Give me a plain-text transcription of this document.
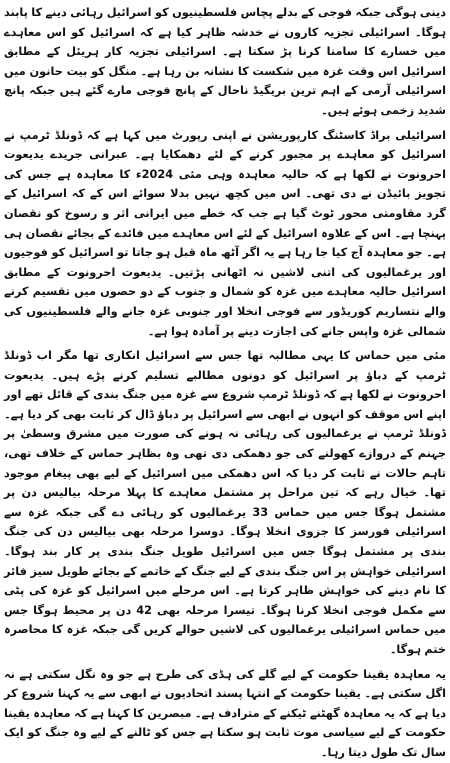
دینی ہوگی جبکہ فوجی کے بدلے پچاس فلسطینیوں کو اسرائیل رہائی دینے کا پابند ہوگا۔ اسرائیلی تجزیہ کاروں نے خدشہ ظاہر کیا ہے کہ اسرائیل کو اس معاہدے میں خسارے کا سامنا کرنا پڑ سکتا ہے۔ اسرائیلی تجزیہ کار ہریئل کے مطابق اسرائیل اس وقت غزہ میں شکست کا نشانہ بن رہا ہے۔ منگل کو بیت حانون میں اسرائیلی آرمی کے اہم ترین بریگیڈ ناحال کے پانچ فوجی مارے گئے ہیں جبکہ پانچ شدید زخمی ہوئے ہیں۔

اسرائیلی براڈ کاسٹنگ کارپوریشن نے اپنی رپورٹ میں کہا ہے کہ ڈونلڈ ٹرمپ نے اسرائیل کو معاہدے پر مجبور کرنے کے لئے دھمکایا ہے۔ عبرانی جریدے یدیعوت احرونوت نے لکھا ہے کہ حالیہ معاہدہ وہی مئی 2024ء کا معاہدہ ہے جس کی تجویز بائیڈن نے دی تھی۔ اس میں کچھ نہیں بدلا سوائے اس کے کہ اسرائیل کے گرد مقاومتی محور ٹوٹ گیا ہے جب کہ خطے میں ایرانی اثر و رسوخ کو نقصان پہنچا ہے۔ اس کے علاوہ اسرائیل کے لئے اس معاہدے میں فائدے کے بجائے نقصان ہی ہے۔ جو معاہدہ آج کیا جا رہا ہے یہ اگر آٹھ ماہ قبل ہو جاتا تو اسرائیل کو فوجیوں اور یرغمالیوں کی اتنی لاشیں نہ اٹھانی پڑتیں۔ یدیعوت احرونوت کے مطابق اسرائیل حالیہ معاہدے میں غزہ کو شمال و جنوب کے دو حصوں میں تقسیم کرنے والے نتساریم کوریڈور سے فوجی انخلا اور جنوبی غزہ جانے والے فلسطینیوں کی شمالی غزہ واپس جانے کی اجازت دینے پر آمادہ ہوا ہے۔

مئی میں حماس کا یہی مطالبہ تھا جس سے اسرائیل انکاری تھا مگر اب ڈونلڈ ٹرمپ کے دباؤ پر اسرائیل کو دونوں مطالبے تسلیم کرنے پڑے ہیں۔ یدیعوت احرونوت نے لکھا ہے کہ ڈونلڈ ٹرمپ شروع سے غزہ میں جنگ بندی کے قائل تھے اور اپنے اس موقف کو انہوں نے ابھی سے اسرائیل پر دباؤ ڈال کر ثابت بھی کر دیا ہے۔ ڈونلڈ ٹرمپ نے یرغمالیوں کی رہائی نہ ہونے کی صورت میں مشرق وسطیٰ پر جہنم کے دروازے کھولنے کی جو دھمکی دی تھی وہ بظاہر حماس کے خلاف تھی، تاہم حالات نے ثابت کر دیا کہ اس دھمکی میں اسرائیل کے لیے بھی پیغام موجود تھا۔ خیال رہے کہ تین مراحل پر مشتمل معاہدے کا پہلا مرحلہ بیالیس دن پر مشتمل ہوگا جس میں حماس 33 یرغمالیوں کو رہائی دے گی جبکہ غزہ سے اسرائیلی فورسز کا جزوی انخلا ہوگا۔ دوسرا مرحلہ بھی بیالیس دن کی جنگ بندی پر مشتمل ہوگا جس میں اسرائیل طویل جنگ بندی پر کار بند ہوگا۔ اسرائیلی خواہش پر اس جنگ بندی کے لیے جنگ کے خاتمے کے بجائے طویل سیز فائر کا نام دینے کی خواہش ظاہر کرتا ہے۔ اس مرحلے میں اسرائیل کو غزہ کی پٹی سے مکمل فوجی انخلا کرنا ہوگا۔ تیسرا مرحلہ بھی 42 دن پر محیط ہوگا جس میں حماس اسرائیلی یرغمالیوں کی لاشیں حوالے کریں گی جبکہ غزہ کا محاصرہ ختم ہوگا۔

یہ معاہدہ یقینا حکومت کے لیے گلے کی ہڈی کی طرح ہے جو وہ نگل سکتی ہے نہ اگل سکتی ہے۔ یقینا حکومت کے انتہا پسند اتحادیوں نے ابھی سے یہ کہنا شروع کر دیا ہے کہ یہ معاہدہ گھٹنے ٹیکنے کے مترادف ہے۔ مبصرین کا کہنا ہے کہ معاہدہ یقینا حکومت کے لیے سیاسی موت ثابت ہو سکتا ہے جس کو ٹالنے کے لیے وہ جنگ کو ایک سال تک طول دیتا رہا۔
